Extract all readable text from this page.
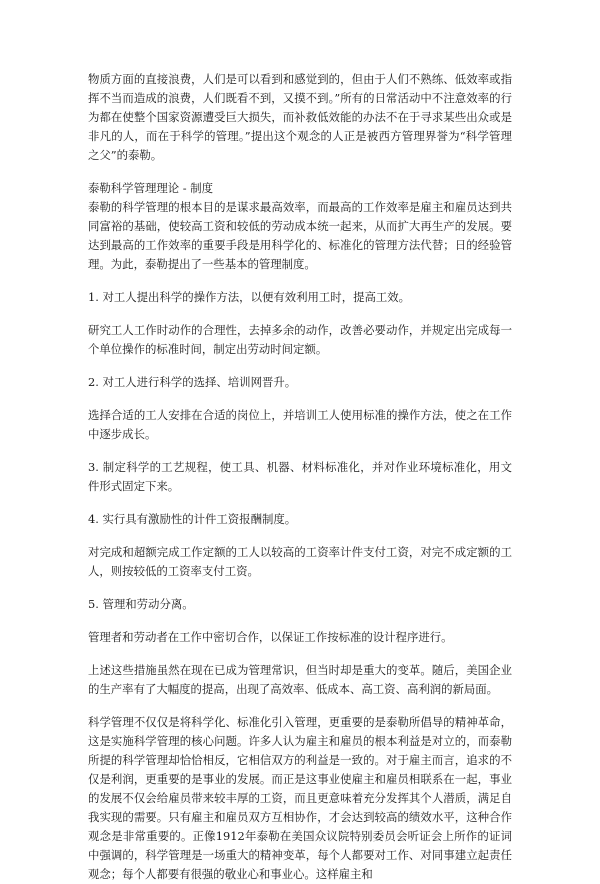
物质方面的直接浪费，人们是可以看到和感觉到的，但由于人们不熟练、低效率或指挥不当而造成的浪费，人们既看不到，又摸不到。”所有的日常活动中不注意效率的行为都在使整个国家资源遭受巨大损失，而补救低效能的办法不在于寻求某些出众或是非凡的人，而在于科学的管理。”提出这个观念的人正是被西方管理界誉为“科学管理之父”的泰勒。

泰勒科学管理理论 - 制度

泰勒的科学管理的根本目的是谋求最高效率，而最高的工作效率是雇主和雇员达到共同富裕的基础，使较高工资和较低的劳动成本统一起来，从而扩大再生产的发展。要达到最高的工作效率的重要手段是用科学化的、标准化的管理方法代替；日的经验管理。为此，泰勒提出了一些基本的管理制度。

1. 对工人提出科学的操作方法，以便有效利用工时，提高工效。

研究工人工作时动作的合理性，去掉多余的动作，改善必要动作，并规定出完成每一个单位操作的标准时间，制定出劳动时间定额。

2. 对工人进行科学的选择、培训网晋升。

选择合适的工人安排在合适的岗位上，并培训工人使用标准的操作方法，使之在工作中逐步成长。

3. 制定科学的工艺规程，使工具、机器、材料标准化，并对作业环境标准化，用文件形式固定下来。

4. 实行具有激励性的计件工资报酬制度。

对完成和超额完成工作定额的工人以较高的工资率计件支付工资，对完不成定额的工人，则按较低的工资率支付工资。

5. 管理和劳动分离。

管理者和劳动者在工作中密切合作，以保证工作按标准的设计程序进行。

上述这些措施虽然在现在已成为管理常识，但当时却是重大的变革。随后，美国企业的生产率有了大幅度的提高，出现了高效率、低成本、高工资、高利润的新局面。

科学管理不仅仅是将科学化、标准化引入管理，更重要的是泰勒所倡导的精神革命，这是实施科学管理的核心问题。许多人认为雇主和雇员的根本利益是对立的，而泰勒所提的科学管理却恰恰相反，它相信双方的利益是一致的。对于雇主而言，追求的不仅是利润，更重要的是事业的发展。而正是这事业使雇主和雇员相联系在一起，事业的发展不仅会给雇员带来较丰厚的工资，而且更意味着充分发挥其个人潜质，满足自我实现的需要。只有雇主和雇员双方互相协作，才会达到较高的绩效水平，这种合作观念是非常重要的。正像1912年泰勒在美国众议院特别委员会听证会上所作的证词中强调的，科学管理是一场重大的精神变革，每个人都要对工作、对同事建立起责任观念；每个人都要有很强的敬业心和事业心。这样雇主和
